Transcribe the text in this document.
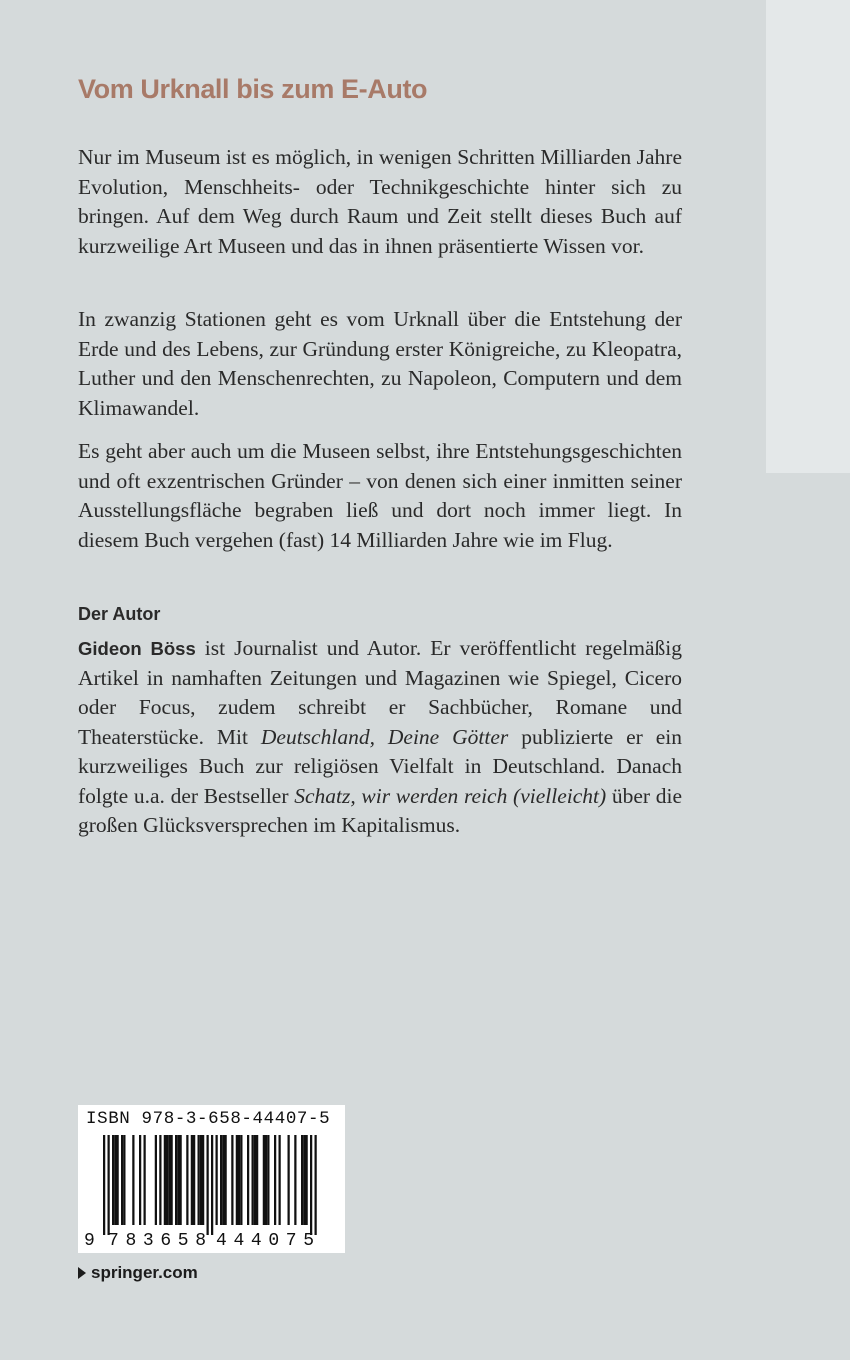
Vom Urknall bis zum E-Auto

Nur im Museum ist es möglich, in wenigen Schritten Milliarden Jahre Evolution, Menschheits- oder Technikgeschichte hinter sich zu bringen. Auf dem Weg durch Raum und Zeit stellt dieses Buch auf kurzweilige Art Museen und das in ihnen präsentierte Wissen vor.

In zwanzig Stationen geht es vom Urknall über die Entstehung der Erde und des Lebens, zur Gründung erster Königreiche, zu Kleopatra, Luther und den Menschenrechten, zu Napoleon, Computern und dem Klimawandel.

Es geht aber auch um die Museen selbst, ihre Entstehungsgeschichten und oft exzentrischen Gründer – von denen sich einer inmitten seiner Ausstellungsfläche begraben ließ und dort noch immer liegt. In diesem Buch vergehen (fast) 14 Milliarden Jahre wie im Flug.

Der Autor

Gideon Böss ist Journalist und Autor. Er veröffentlicht regelmäßig Artikel in namhaften Zeitungen und Magazinen wie Spiegel, Cicero oder Focus, zudem schreibt er Sachbücher, Romane und Theaterstücke. Mit Deutschland, Deine Götter publizierte er ein kurzweiliges Buch zur religiösen Vielfalt in Deutschland. Danach folgte u.a. der Bestseller Schatz, wir werden reich (vielleicht) über die großen Glücksversprechen im Kapitalismus.

ISBN 978-3-658-44407-5
9 783658 444075
springer.com
